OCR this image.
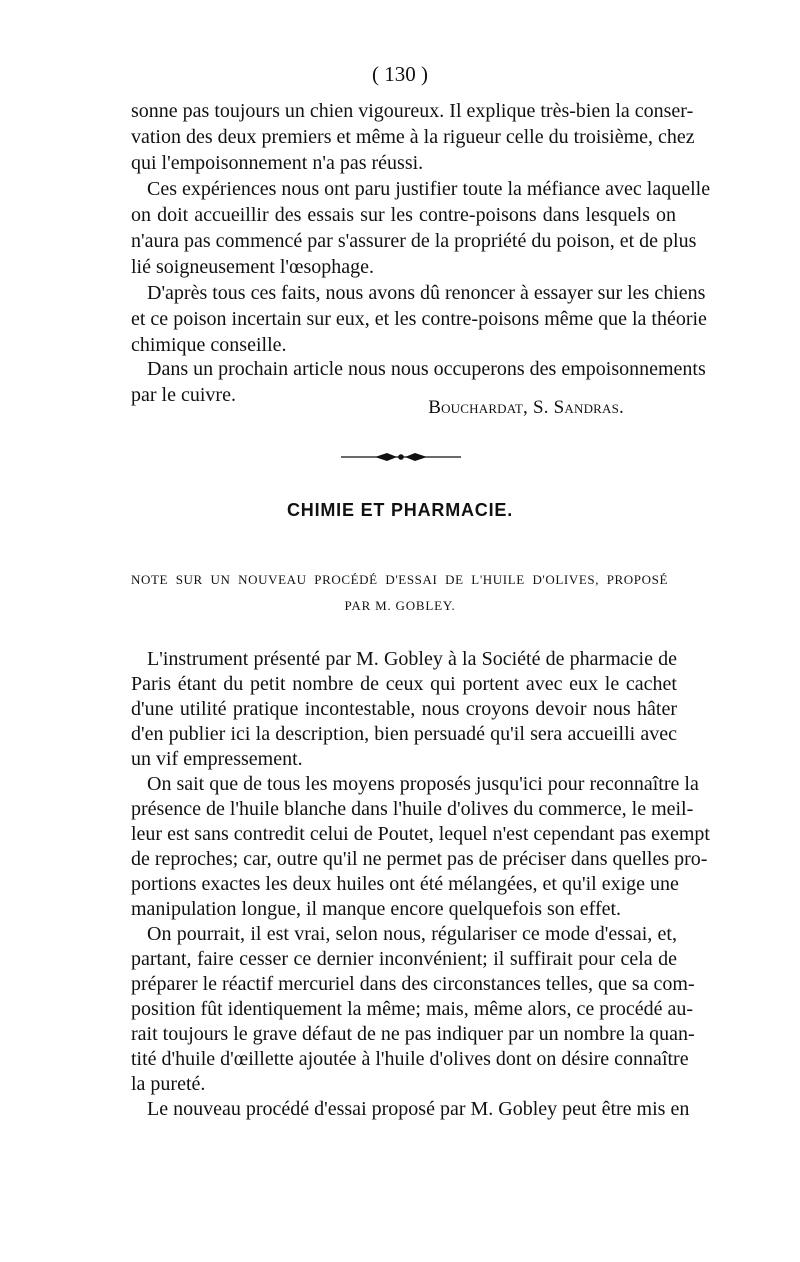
( 130 )
sonne pas toujours un chien vigoureux. Il explique très-bien la conser-
vation des deux premiers et même à la rigueur celle du troisième, chez
qui l'empoisonnement n'a pas réussi.
Ces expériences nous ont paru justifier toute la méfiance avec laquelle
on doit accueillir des essais sur les contre-poisons dans lesquels on
n'aura pas commencé par s'assurer de la propriété du poison, et de plus
lié soigneusement l'œsophage.
D'après tous ces faits, nous avons dû renoncer à essayer sur les chiens
et ce poison incertain sur eux, et les contre-poisons même que la théorie
chimique conseille.
Dans un prochain article nous nous occuperons des empoisonnements
par le cuivre.
Bouchardat, S. Sandras.
CHIMIE ET PHARMACIE.
NOTE SUR UN NOUVEAU PROCÉDÉ D'ESSAI DE L'HUILE D'OLIVES, PROPOSÉ
PAR M. GOBLEY.
L'instrument présenté par M. Gobley à la Société de pharmacie de
Paris étant du petit nombre de ceux qui portent avec eux le cachet
d'une utilité pratique incontestable, nous croyons devoir nous hâter
d'en publier ici la description, bien persuadé qu'il sera accueilli avec
un vif empressement.
On sait que de tous les moyens proposés jusqu'ici pour reconnaître la
présence de l'huile blanche dans l'huile d'olives du commerce, le meil-
leur est sans contredit celui de Poutet, lequel n'est cependant pas exempt
de reproches; car, outre qu'il ne permet pas de préciser dans quelles pro-
portions exactes les deux huiles ont été mélangées, et qu'il exige une
manipulation longue, il manque encore quelquefois son effet.
On pourrait, il est vrai, selon nous, régulariser ce mode d'essai, et,
partant, faire cesser ce dernier inconvénient; il suffirait pour cela de
préparer le réactif mercuriel dans des circonstances telles, que sa com-
position fût identiquement la même; mais, même alors, ce procédé au-
rait toujours le grave défaut de ne pas indiquer par un nombre la quan-
tité d'huile d'œillette ajoutée à l'huile d'olives dont on désire connaître
la pureté.
Le nouveau procédé d'essai proposé par M. Gobley peut être mis en
